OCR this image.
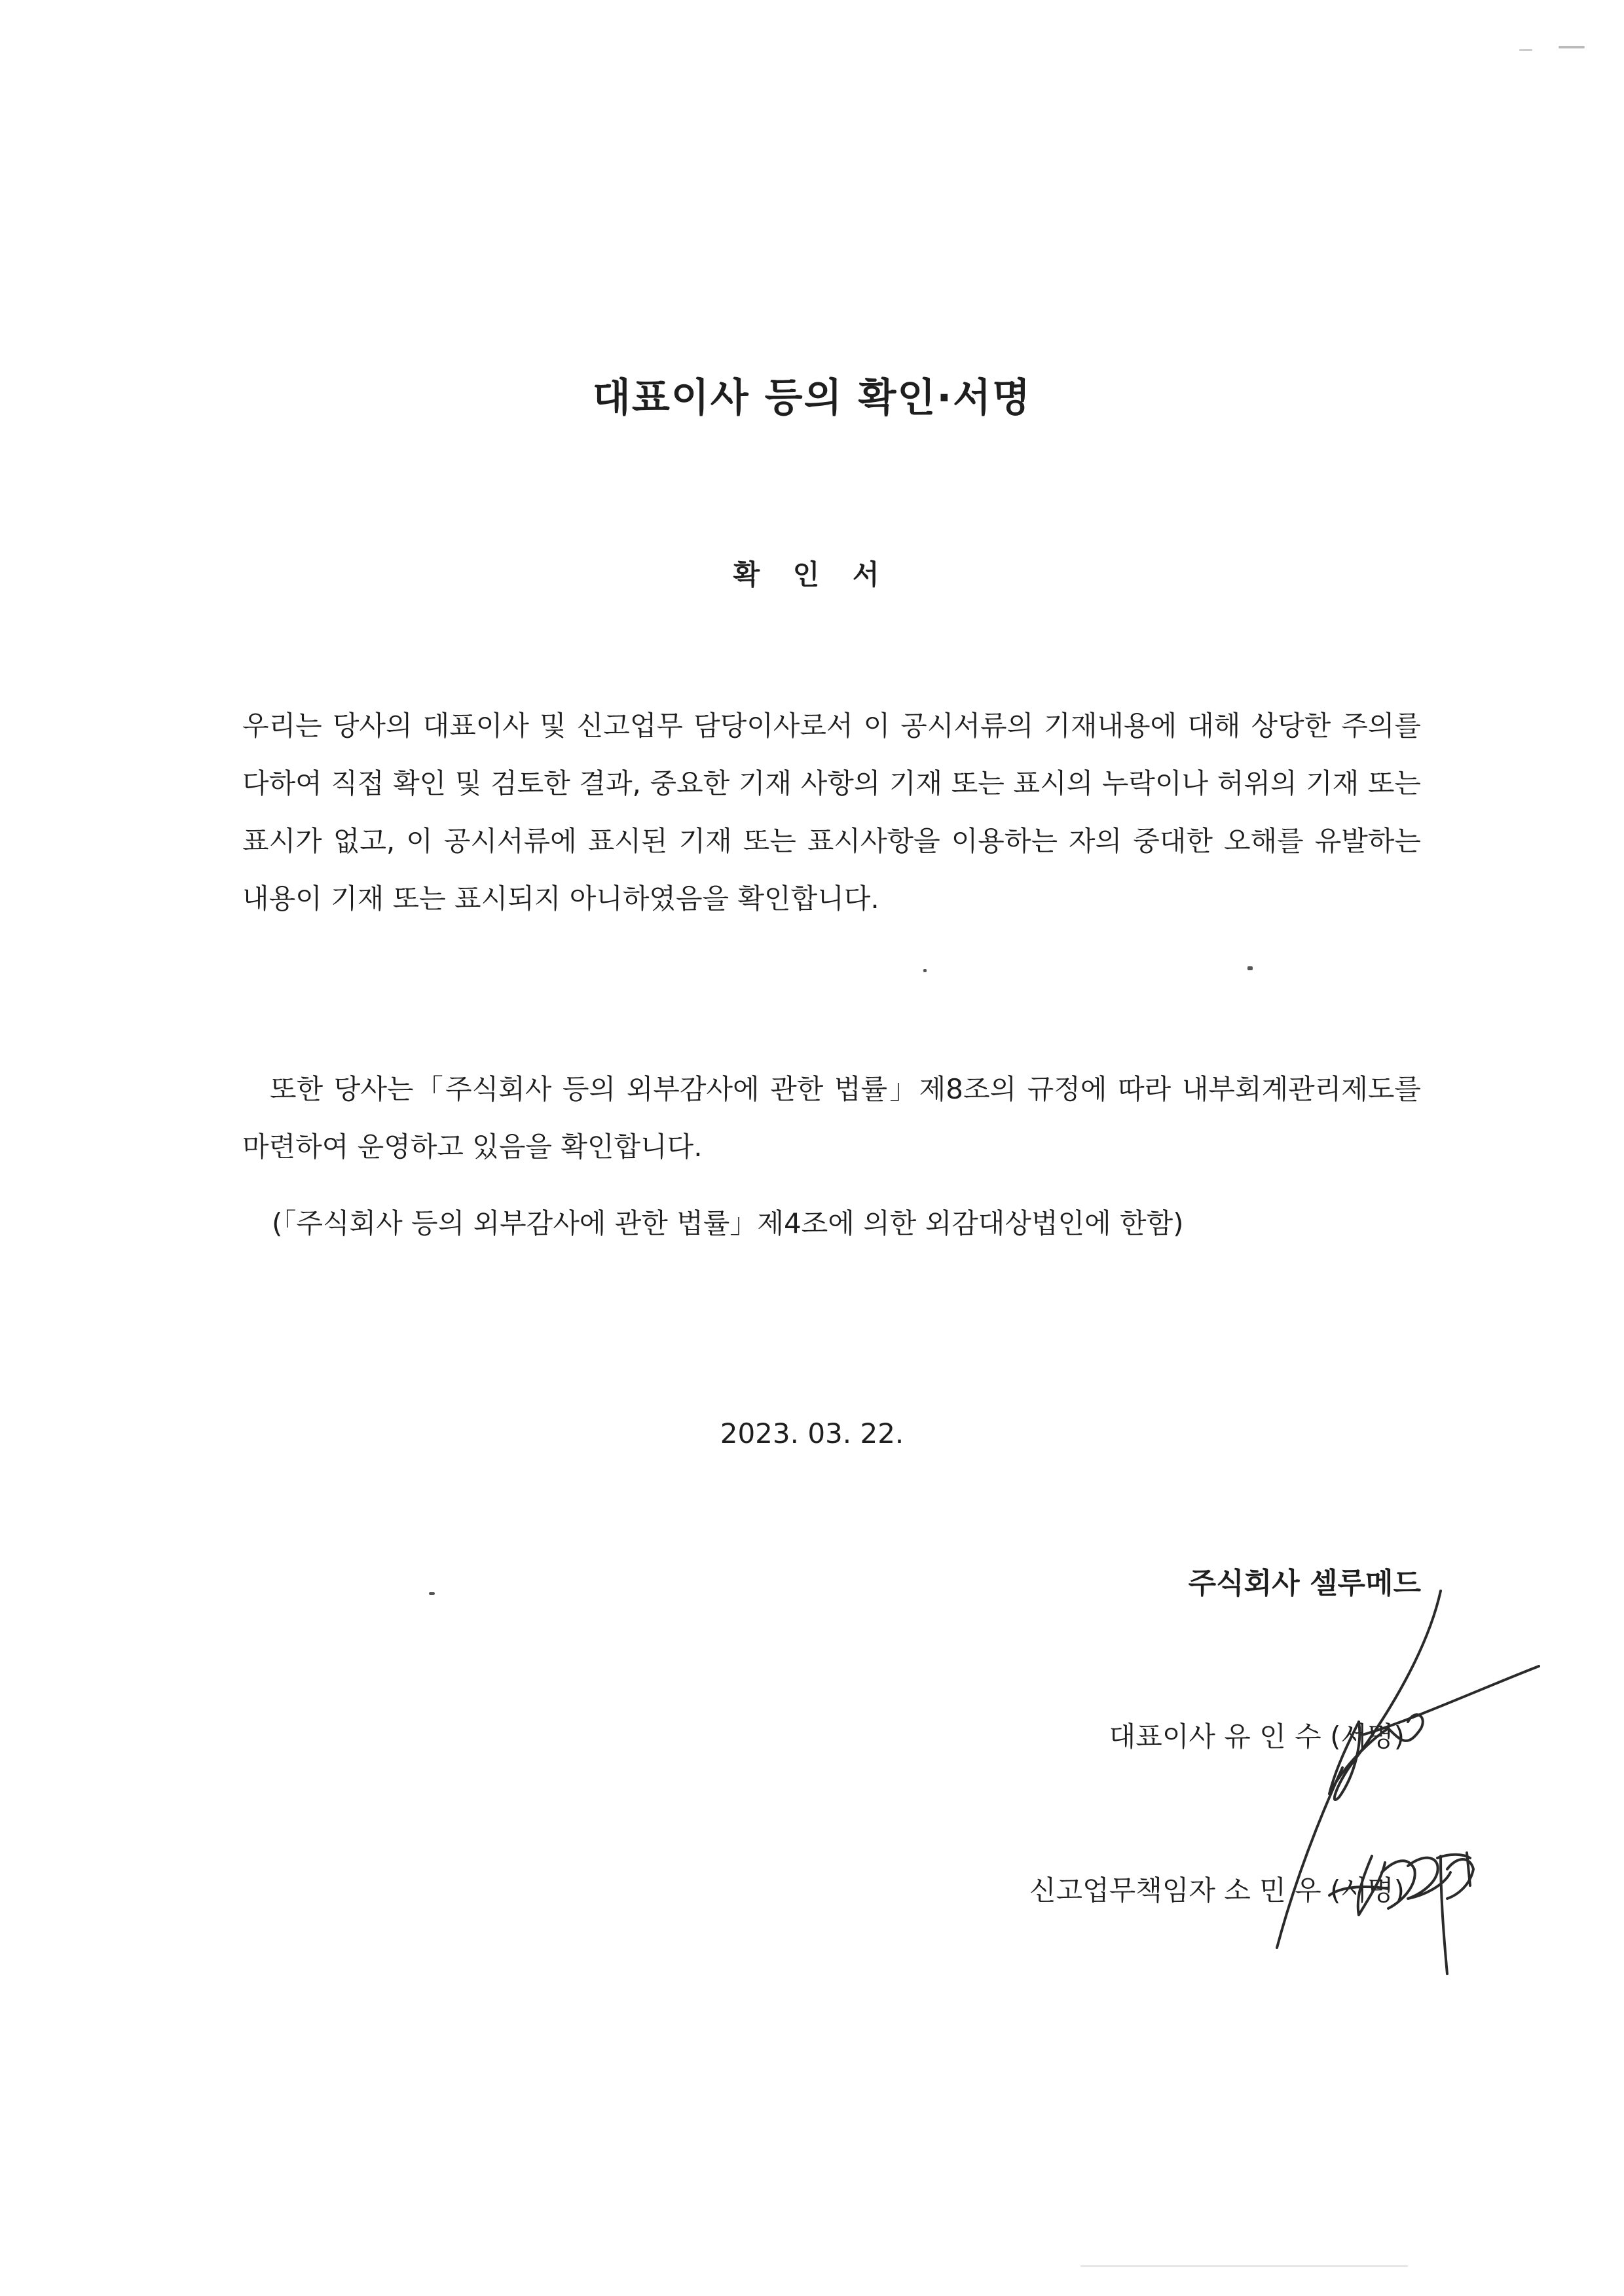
대표이사 등의 확인·서명
확 인 서

우리는 당사의 대표이사 및 신고업무 담당이사로서 이 공시서류의 기재내용에 대해 상당한 주의를 다하여 직접 확인 및 검토한 결과, 중요한 기재 사항의 기재 또는 표시의 누락이나 허위의 기재 또는 표시가 없고, 이 공시서류에 표시된 기재 또는 표시사항을 이용하는 자의 중대한 오해를 유발하는 내용이 기재 또는 표시되지 아니하였음을 확인합니다.

또한 당사는「주식회사 등의 외부감사에 관한 법률」제8조의 규정에 따라 내부회계관리제도를 마련하여 운영하고 있음을 확인합니다.

(「주식회사 등의 외부감사에 관한 법률」제4조에 의한 외감대상법인에 한함)

2023. 03. 22.

주식회사 셀루메드

대표이사 유 인 수 (서명)

신고업무책임자 소 민 우 (서명)
